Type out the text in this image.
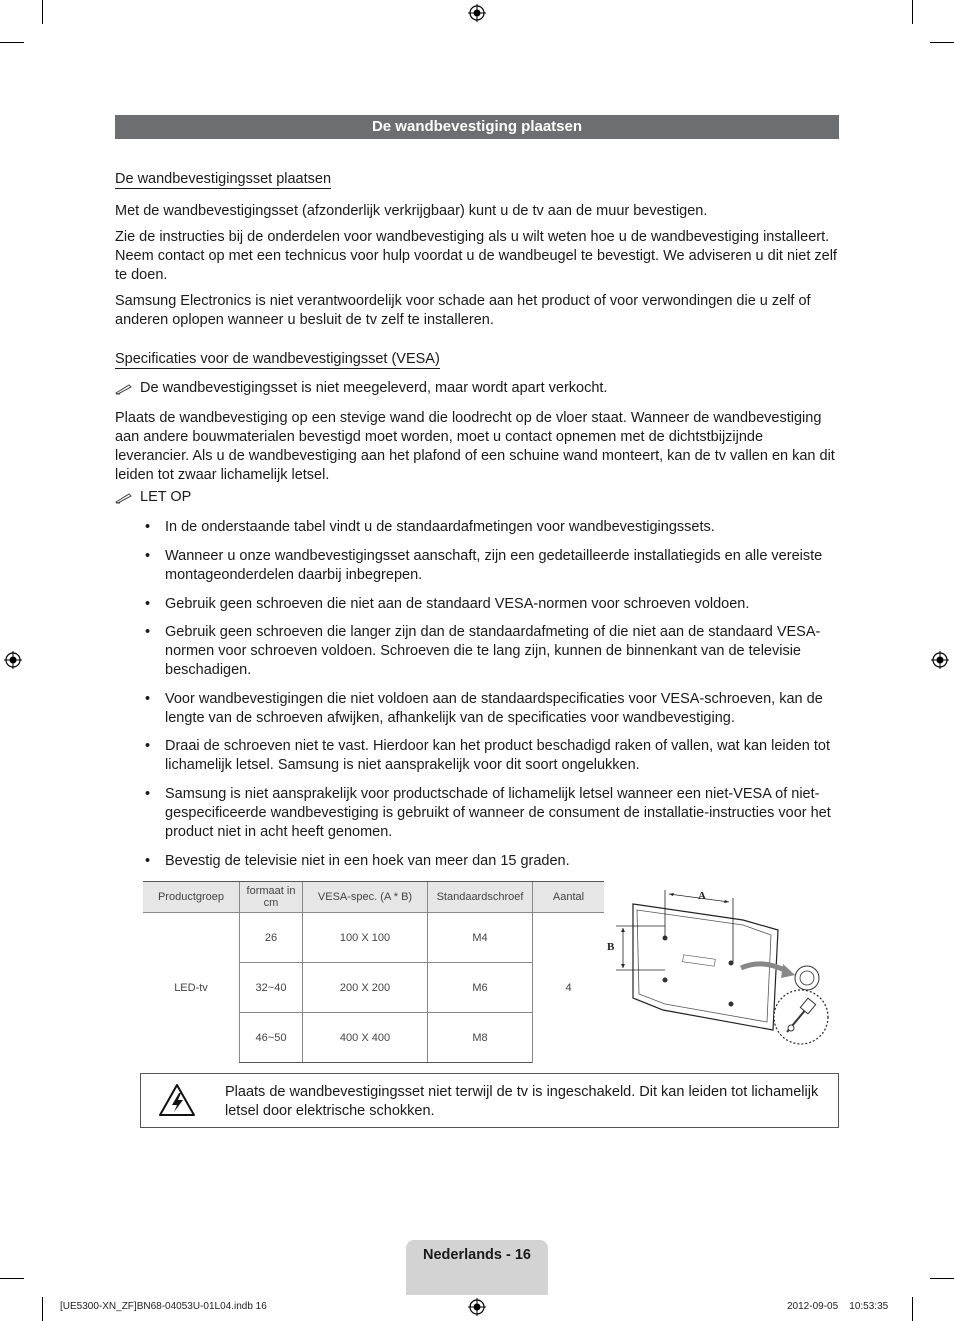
De wandbevestiging plaatsen
De wandbevestigingsset plaatsen
Met de wandbevestigingsset (afzonderlijk verkrijgbaar) kunt u de tv aan de muur bevestigen.
Zie de instructies bij de onderdelen voor wandbevestiging als u wilt weten hoe u de wandbevestiging installeert. Neem contact op met een technicus voor hulp voordat u de wandbeugel te bevestigt. We adviseren u dit niet zelf te doen.
Samsung Electronics is niet verantwoordelijk voor schade aan het product of voor verwondingen die u zelf of anderen oplopen wanneer u besluit de tv zelf te installeren.
Specificaties voor de wandbevestigingsset (VESA)
De wandbevestigingsset is niet meegeleverd, maar wordt apart verkocht.
Plaats de wandbevestiging op een stevige wand die loodrecht op de vloer staat. Wanneer de wandbevestiging aan andere bouwmaterialen bevestigd moet worden, moet u contact opnemen met de dichtstbijzijnde leverancier. Als u de wandbevestiging aan het plafond of een schuine wand monteert, kan de tv vallen en kan dit leiden tot zwaar lichamelijk letsel.
LET OP
• In de onderstaande tabel vindt u de standaardafmetingen voor wandbevestigingssets.
• Wanneer u onze wandbevestigingsset aanschaft, zijn een gedetailleerde installatiegids en alle vereiste montageonderdelen daarbij inbegrepen.
• Gebruik geen schroeven die niet aan de standaard VESA-normen voor schroeven voldoen.
• Gebruik geen schroeven die langer zijn dan de standaardafmeting of die niet aan de standaard VESA-normen voor schroeven voldoen. Schroeven die te lang zijn, kunnen de binnenkant van de televisie beschadigen.
• Voor wandbevestigingen die niet voldoen aan de standaardspecificaties voor VESA-schroeven, kan de lengte van de schroeven afwijken, afhankelijk van de specificaties voor wandbevestiging.
• Draai de schroeven niet te vast. Hierdoor kan het product beschadigd raken of vallen, wat kan leiden tot lichamelijk letsel. Samsung is niet aansprakelijk voor dit soort ongelukken.
• Samsung is niet aansprakelijk voor productschade of lichamelijk letsel wanneer een niet-VESA of niet-gespecificeerde wandbevestiging is gebruikt of wanneer de consument de installatie-instructies voor het product niet in acht heeft genomen.
• Bevestig de televisie niet in een hoek van meer dan 15 graden.
Productgroep	formaat in cm	VESA-spec. (A * B)	Standaardschroef	Aantal
LED-tv	26	100 X 100	M4	4
	32~40	200 X 200	M6	
	46~50	400 X 400	M8	
A
B
Plaats de wandbevestigingsset niet terwijl de tv is ingeschakeld. Dit kan leiden tot lichamelijk letsel door elektrische schokken.
Nederlands - 16
[UE5300-XN_ZF]BN68-04053U-01L04.indb 16	2012-09-05    10:53:35
